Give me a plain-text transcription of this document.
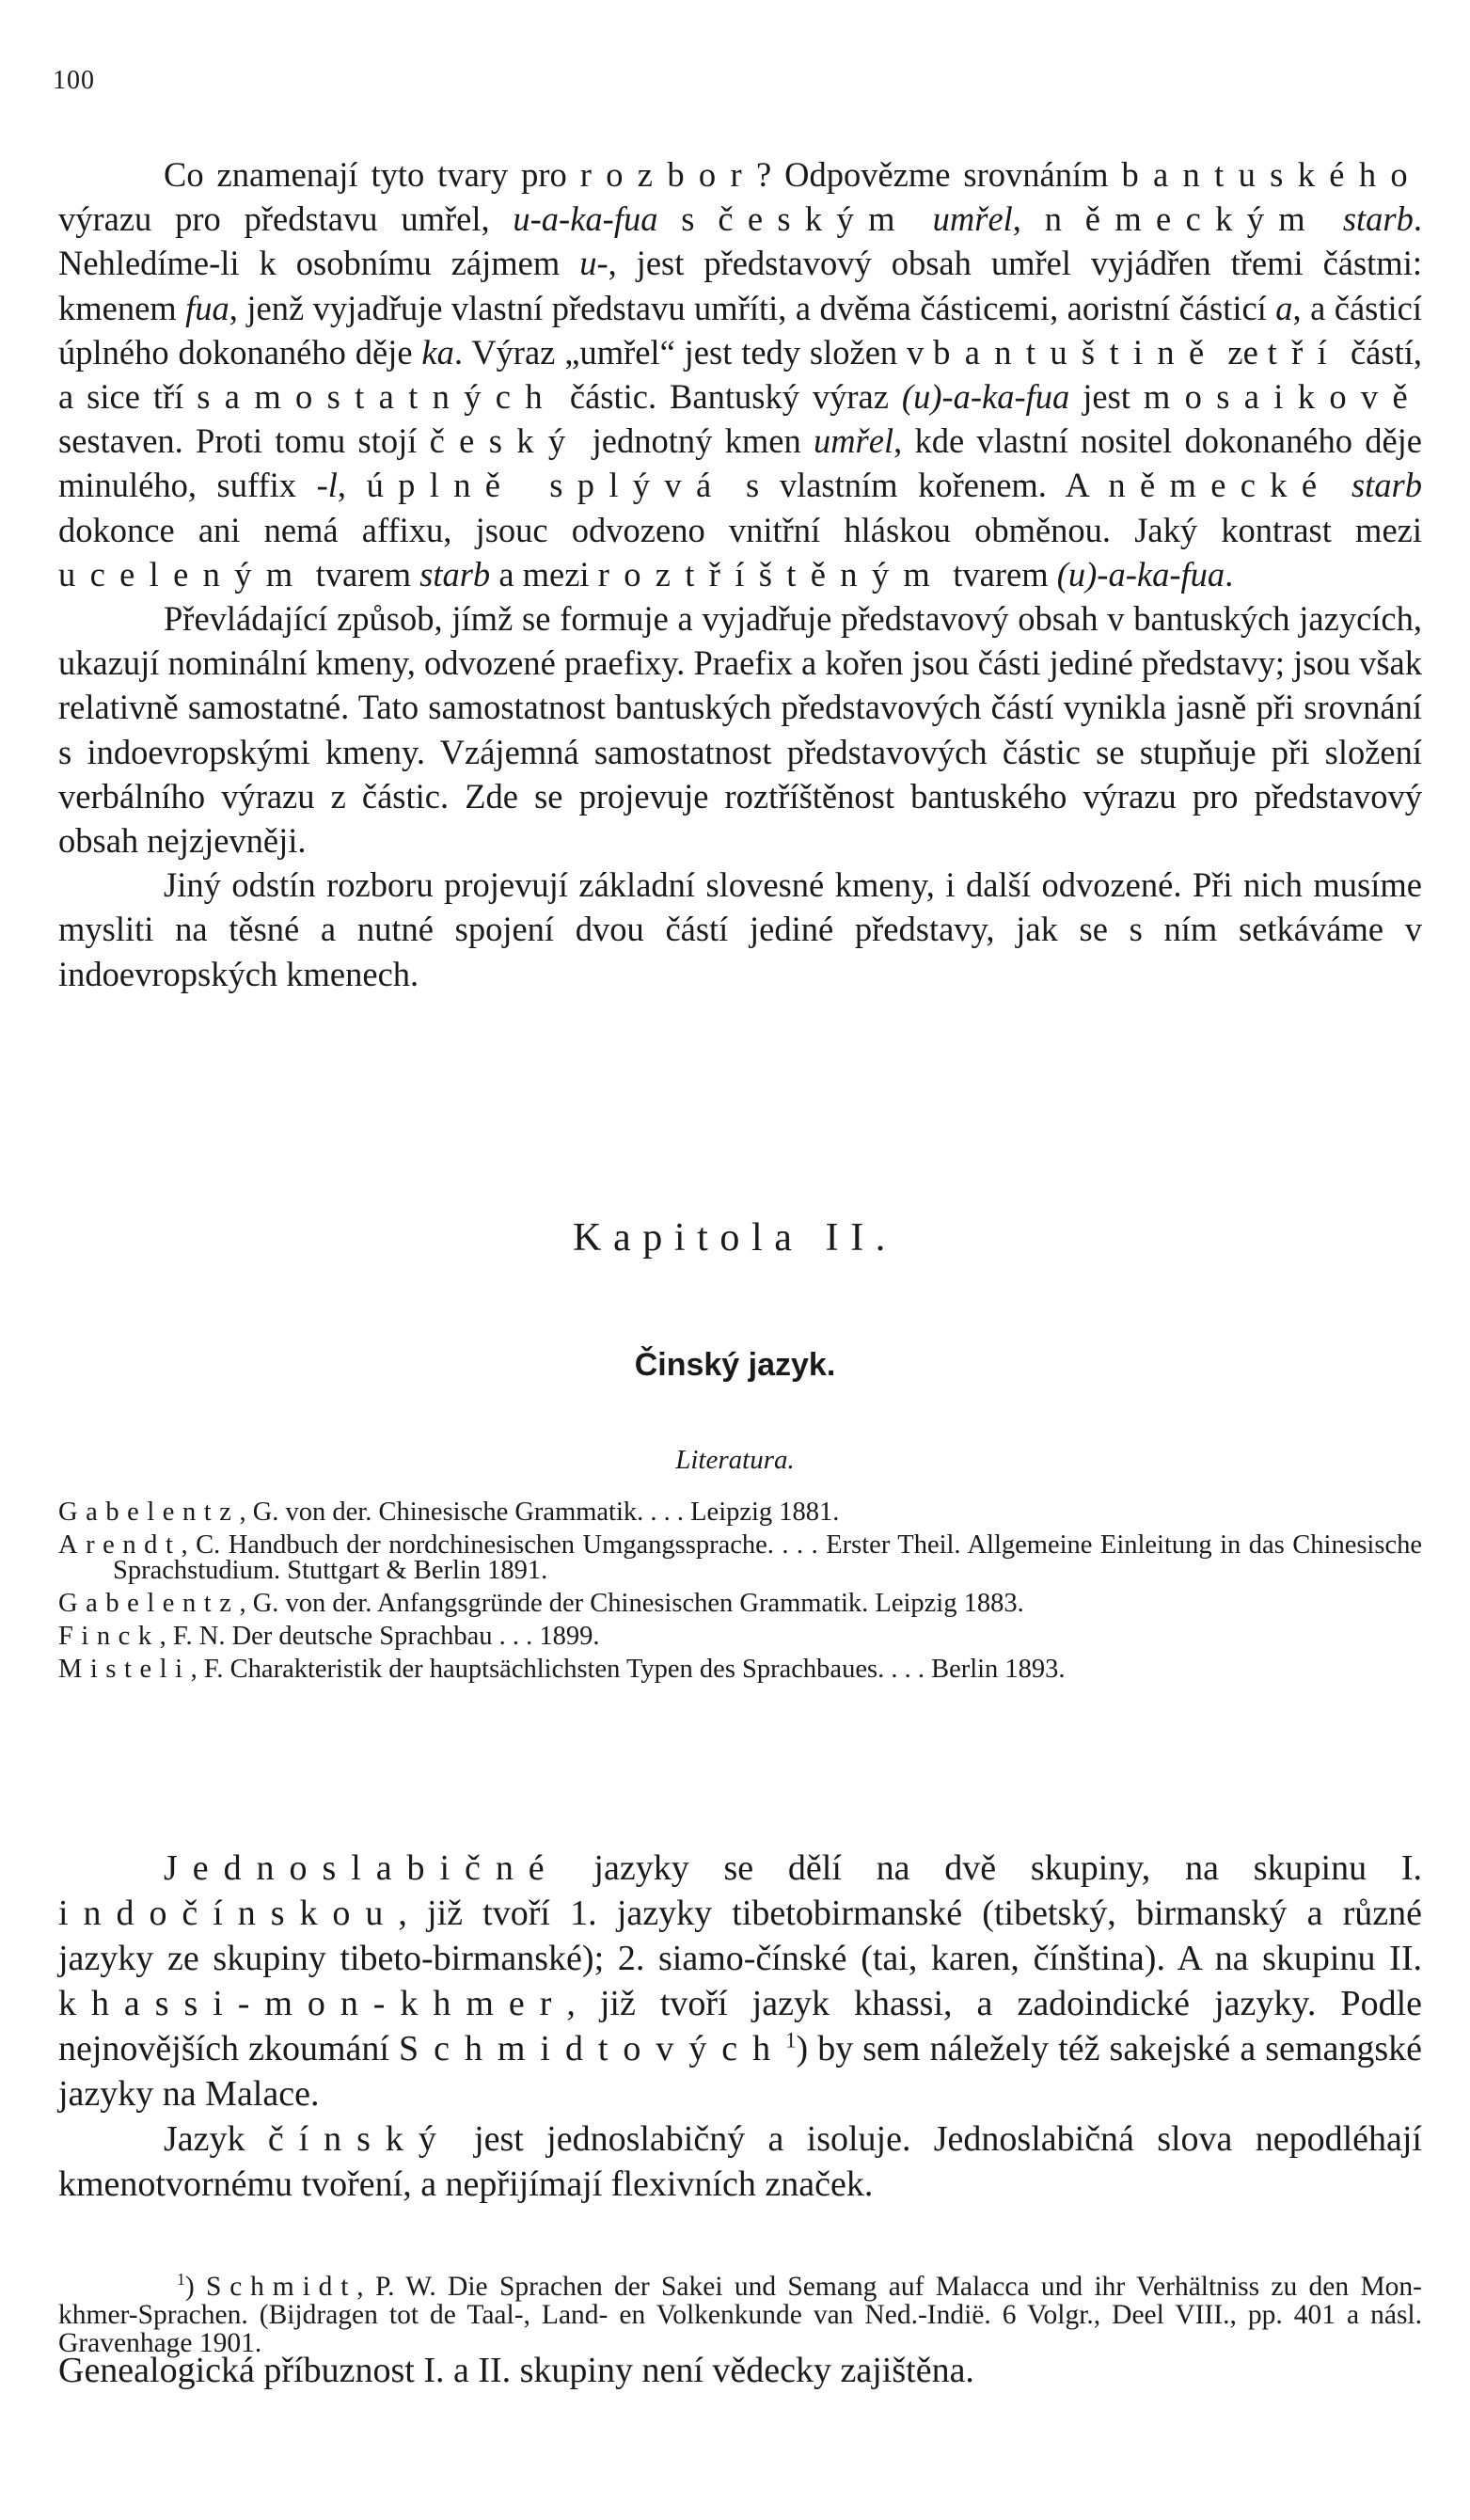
100

Co znamenají tyto tvary pro rozbor? Odpovězme srovnáním bantuského výrazu pro představu umřel, u-a-ka-fua s českým umřel, n ěmeckým starb. Nehledíme-li k osobnímu zájmem u-, jest představový obsah umřel vyjádřen třemi částmi: kmenem fua, jenž vyjadřuje vlastní představu umříti, a dvěma částicemi, aoristní částicí a, a částicí úplného dokonaného děje ka. Výraz „umřel“ jest tedy složen v bantuštině ze tří částí, a sice tří samostatných částic. Bantuský výraz (u)-a-ka-fua jest mosaikově sestaven. Proti tomu stojí český jednotný kmen umřel, kde vlastní nositel dokonaného děje minulého, suffix -l, úplně splývá s vlastním kořenem. A německé starb dokonce ani nemá affixu, jsouc odvozeno vnitřní hláskou obměnou. Jaký kontrast mezi uceleným tvarem starb a mezi roztříštěným tvarem (u)-a-ka-fua.

Převládající způsob, jímž se formuje a vyjadřuje představový obsah v bantuských jazycích, ukazují nominální kmeny, odvozené praefixy. Praefix a kořen jsou části jediné představy; jsou však relativně samostatné. Tato samostatnost bantuských představových částí vynikla jasně při srovnání s indoevropskými kmeny. Vzájemná samostatnost představových částic se stupňuje při složení verbálního výrazu z částic. Zde se projevuje roztříštěnost bantuského výrazu pro představový obsah nejzjevněji.

Jiný odstín rozboru projevují základní slovesné kmeny, i další odvozené. Při nich musíme mysliti na těsné a nutné spojení dvou částí jediné představy, jak se s ním setkáváme v indoevropských kmenech.

Kapitola II.
Činský jazyk.
Literatura.

Gabelentz, G. von der. Chinesische Grammatik. . . . Leipzig 1881.

Arendt, C. Handbuch der nordchinesischen Umgangssprache. . . . Erster Theil. Allgemeine Einleitung in das Chinesische Sprachstudium. Stuttgart & Berlin 1891.

Gabelentz, G. von der. Anfangsgründe der Chinesischen Grammatik. Leipzig 1883.

Finck, F. N. Der deutsche Sprachbau . . . 1899.

Misteli, F. Charakteristik der hauptsächlichsten Typen des Sprachbaues. . . . Berlin 1893.

Jednoslabičné jazyky se dělí na dvě skupiny, na skupinu I. indočínskou, již tvoří 1. jazyky tibetobirmanské (tibetský, birmanský a různé jazyky ze skupiny tibeto-birmanské); 2. siamo-čínské (tai, karen, čínština). A na skupinu II. khassi-mon-khmer, již tvoří jazyk khassi, a zadoindické jazyky. Podle nejnovějších zkoumání Schmidtových$^1$) by sem náležely též sakejské a semangské jazyky na Malace.

Jazyk čínský jest jednoslabičný a isoluje. Jednoslabičná slova nepodléhají kmenotvornému tvoření, a nepřijímají flexivních značek.

$^1$) Schmidt, P. W. Die Sprachen der Sakei und Semang auf Malacca und ihr Verhältniss zu den Mon-khmer-Sprachen. (Bijdragen tot de Taal-, Land- en Volkenkunde van Ned.-Indië. 6 Volgr., Deel VIII., pp. 401 a násl. Gravenhage 1901.

Genealogická příbuznost I. a II. skupiny není vědecky zajištěna.
